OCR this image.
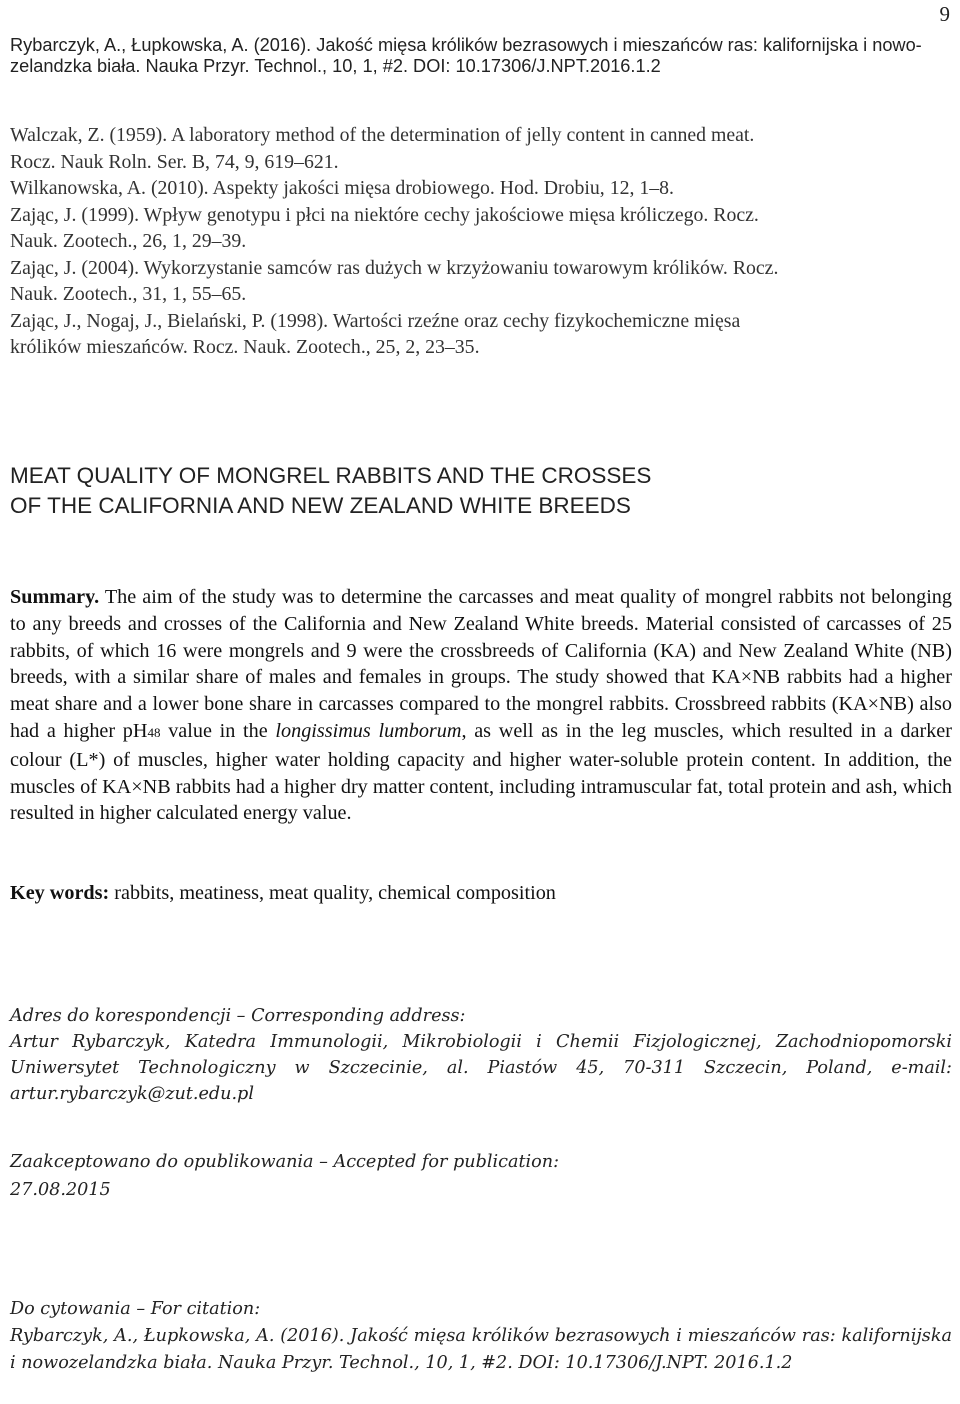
9
Rybarczyk, A., Łupkowska, A. (2016). Jakość mięsa królików bezrasowych i mieszańców ras: kalifornijska i nowo-
zelandzka biała. Nauka Przyr. Technol., 10, 1, #2. DOI: 10.17306/J.NPT.2016.1.2
Walczak, Z. (1959). A laboratory method of the determination of jelly content in canned meat.
Rocz. Nauk Roln. Ser. B, 74, 9, 619–621.
Wilkanowska, A. (2010). Aspekty jakości mięsa drobiowego. Hod. Drobiu, 12, 1–8.
Zając, J. (1999). Wpływ genotypu i płci na niektóre cechy jakościowe mięsa króliczego. Rocz.
Nauk. Zootech., 26, 1, 29–39.
Zając, J. (2004). Wykorzystanie samców ras dużych w krzyżowaniu towarowym królików. Rocz.
Nauk. Zootech., 31, 1, 55–65.
Zając, J., Nogaj, J., Bielański, P. (1998). Wartości rzeźne oraz cechy fizykochemiczne mięsa
królików mieszańców. Rocz. Nauk. Zootech., 25, 2, 23–35.
MEAT QUALITY OF MONGREL RABBITS AND THE CROSSES
OF THE CALIFORNIA AND NEW ZEALAND WHITE BREEDS
Summary. The aim of the study was to determine the carcasses and meat quality of mongrel rabbits not belonging to any breeds and crosses of the California and New Zealand White breeds. Material consisted of carcasses of 25 rabbits, of which 16 were mongrels and 9 were the crossbreeds of California (KA) and New Zealand White (NB) breeds, with a similar share of males and females in groups. The study showed that KA×NB rabbits had a higher meat share and a lower bone share in carcasses compared to the mongrel rabbits. Crossbreed rabbits (KA×NB) also had a higher pH48 value in the longissimus lumborum, as well as in the leg muscles, which resulted in a darker colour (L*) of muscles, higher water holding capacity and higher water-soluble protein content. In addition, the muscles of KA×NB rabbits had a higher dry matter content, including intramuscular fat, total protein and ash, which resulted in higher calculated energy value.
Key words: rabbits, meatiness, meat quality, chemical composition
Adres do korespondencji – Corresponding address:
Artur Rybarczyk, Katedra Immunologii, Mikrobiologii i Chemii Fizjologicznej, Zachodniopomorski Uniwersytet Technologiczny w Szczecinie, al. Piastów 45, 70-311 Szczecin, Poland, e-mail: artur.rybarczyk@zut.edu.pl
Zaakceptowano do opublikowania – Accepted for publication:
27.08.2015
Do cytowania – For citation:
Rybarczyk, A., Łupkowska, A. (2016). Jakość mięsa królików bezrasowych i mieszańców ras: kalifornijska i nowozelandzka biała. Nauka Przyr. Technol., 10, 1, #2. DOI: 10.17306/J.NPT. 2016.1.2
